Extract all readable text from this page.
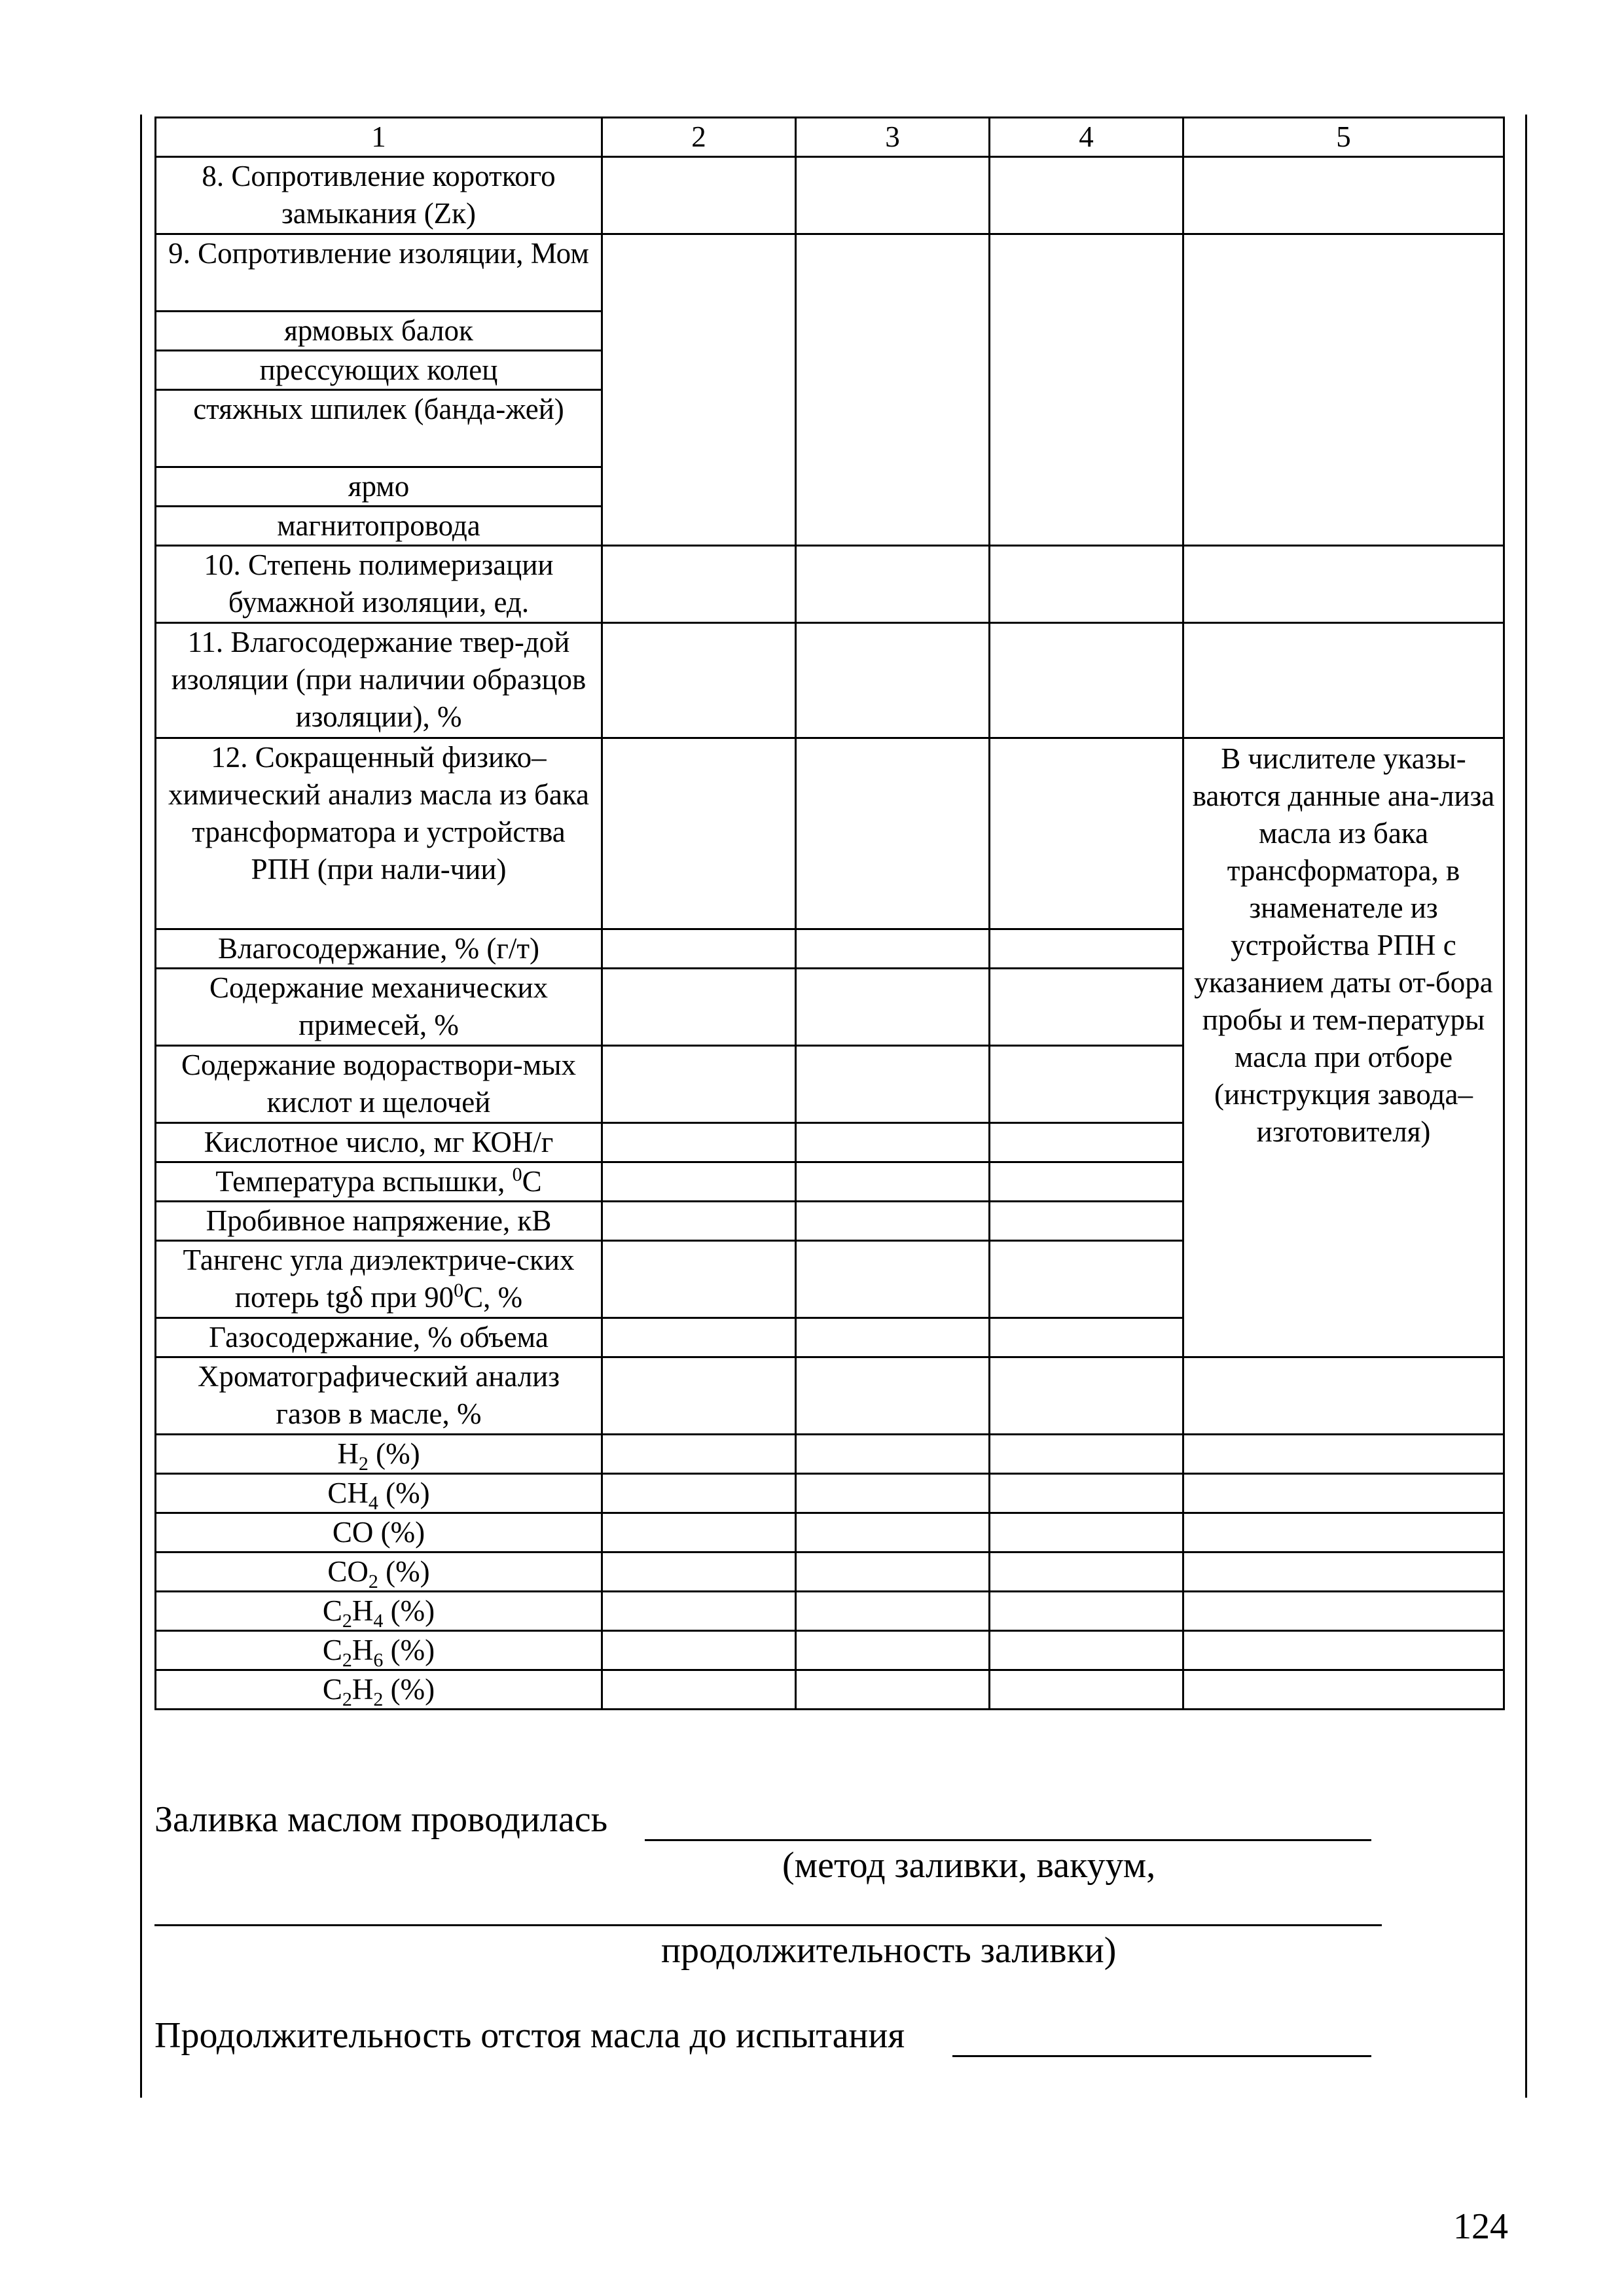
1	2	3	4	5
8. Сопротивление короткого замыкания (Zк)				
9. Сопротивление изоляции, Мом				
ярмовых балок				
прессующих колец				
стяжных шпилек (банда-жей)				
ярмо				
магнитопровода				
10. Степень полимеризации бумажной изоляции, ед.				
11. Влагосодержание твер-дой изоляции (при наличии образцов изоляции), %				
12. Сокращенный физико–химический анализ масла из бака трансформатора и устройства РПН (при нали-чии)				В числителе указы-ваются данные ана-лиза масла из бака трансформатора, в знаменателе из устройства РПН с указанием даты от-бора пробы и тем-пературы масла при отборе (инструкция завода– изготовителя)
Влагосодержание, % (г/т)				
Содержание механических примесей, %				
Содержание водораствори-мых кислот и щелочей				
Кислотное число, мг КОН/г				
Температура вспышки, $^0$С				
Пробивное напряжение, кВ				
Тангенс угла диэлектриче-ских потерь tgδ при $90^0С$, %				
Газосодержание, % объема				
Хроматографический анализ газов в масле, %				
$H_2$ (%)				
$CH_4$ (%)				
CO (%)				
$CO_2$ (%)				
$C_2H_4$ (%)				
$C_2H_6$ (%)				
$C_2H_2$ (%)				
Заливка маслом проводилась
(метод заливки, вакуум,
продолжительность заливки)
Продолжительность отстоя масла до испытания
124
